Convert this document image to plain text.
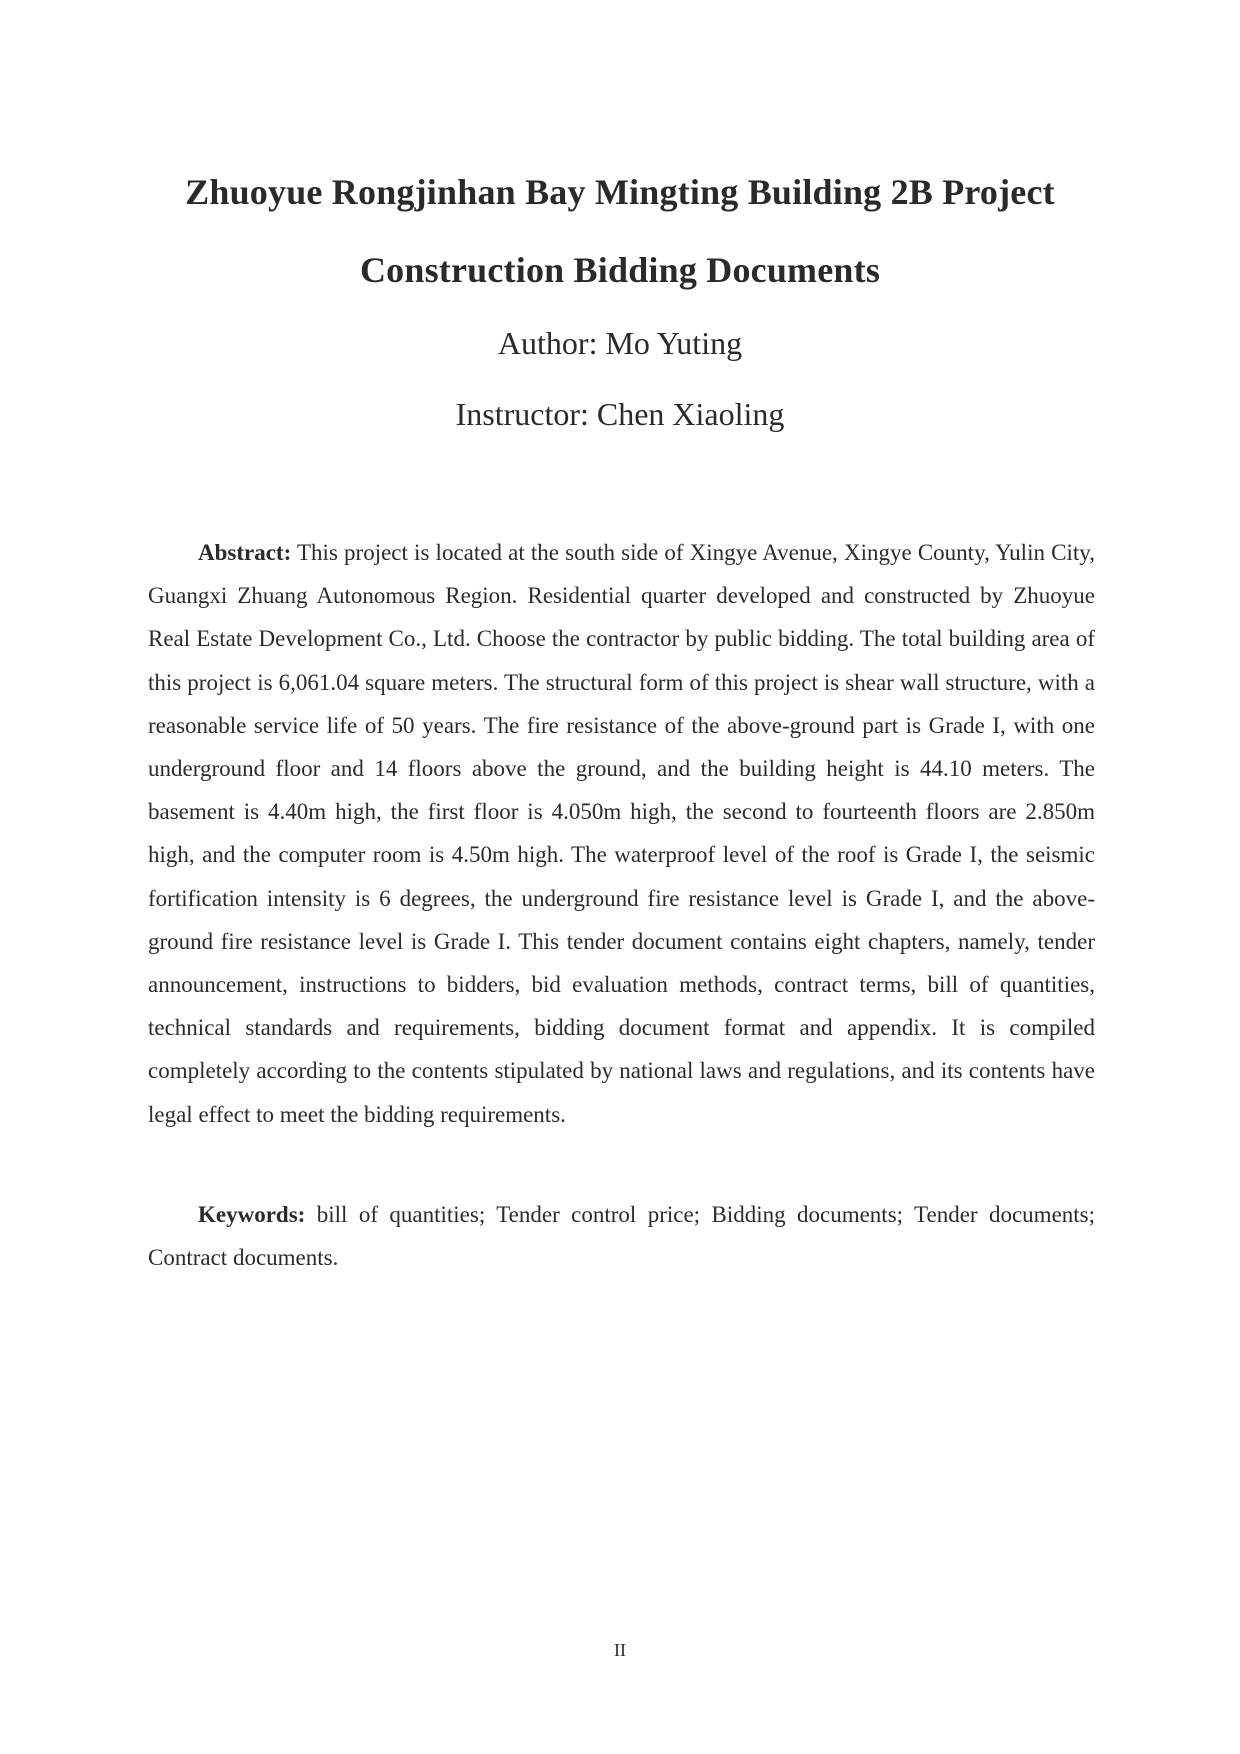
Zhuoyue Rongjinhan Bay Mingting Building 2B Project
Construction Bidding Documents
Author: Mo Yuting
Instructor: Chen Xiaoling

Abstract: This project is located at the south side of Xingye Avenue, Xingye County, Yulin City, Guangxi Zhuang Autonomous Region. Residential quarter developed and constructed by Zhuoyue Real Estate Development Co., Ltd. Choose the contractor by public bidding. The total building area of this project is 6,061.04 square meters. The structural form of this project is shear wall structure, with a reasonable service life of 50 years. The fire resistance of the above-ground part is Grade I, with one underground floor and 14 floors above the ground, and the building height is 44.10 meters. The basement is 4.40m high, the first floor is 4.050m high, the second to fourteenth floors are 2.850m high, and the computer room is 4.50m high. The waterproof level of the roof is Grade I, the seismic fortification intensity is 6 degrees, the underground fire resistance level is Grade I, and the above-ground fire resistance level is Grade I. This tender document contains eight chapters, namely, tender announcement, instructions to bidders, bid evaluation methods, contract terms, bill of quantities, technical standards and requirements, bidding document format and appendix. It is compiled completely according to the contents stipulated by national laws and regulations, and its contents have legal effect to meet the bidding requirements.

Keywords: bill of quantities; Tender control price; Bidding documents; Tender documents; Contract documents.

II
